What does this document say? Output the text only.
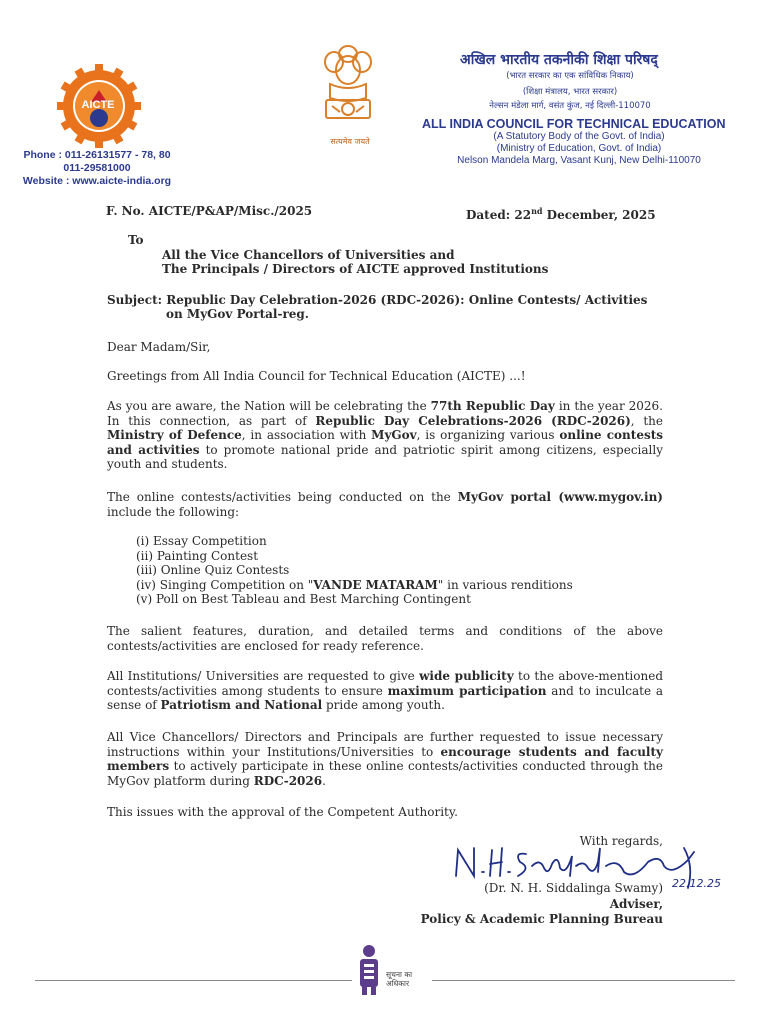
AICTE
Phone : 011-26131577 - 78, 80
011-29581000
Website : www.aicte-india.org
सत्यमेव जयते
अखिल भारतीय तकनीकी शिक्षा परिषद्
(भारत सरकार का एक सांविधिक निकाय)
(शिक्षा मंत्रालय, भारत सरकार)
नेल्सन मंडेला मार्ग, वसंत कुंज, नई दिल्ली-110070
ALL INDIA COUNCIL FOR TECHNICAL EDUCATION
(A Statutory Body of the Govt. of India)
(Ministry of Education, Govt. of India)
Nelson Mandela Marg, Vasant Kunj, New Delhi-110070
F. No. AICTE/P&AP/Misc./2025	Dated: 22nd December, 2025
To
All the Vice Chancellors of Universities and
The Principals / Directors of AICTE approved Institutions
Subject: Republic Day Celebration-2026 (RDC-2026): Online Contests/ Activities
on MyGov Portal-reg.
Dear Madam/Sir,
Greetings from All India Council for Technical Education (AICTE) ...!
As you are aware, the Nation will be celebrating the 77th Republic Day in the year 2026. In this connection, as part of Republic Day Celebrations-2026 (RDC-2026), the Ministry of Defence, in association with MyGov, is organizing various online contests and activities to promote national pride and patriotic spirit among citizens, especially youth and students.
The online contests/activities being conducted on the MyGov portal (www.mygov.in) include the following:
(i) Essay Competition
(ii) Painting Contest
(iii) Online Quiz Contests
(iv) Singing Competition on "VANDE MATARAM" in various renditions
(v) Poll on Best Tableau and Best Marching Contingent
The salient features, duration, and detailed terms and conditions of the above contests/activities are enclosed for ready reference.
All Institutions/ Universities are requested to give wide publicity to the above-mentioned contests/activities among students to ensure maximum participation and to inculcate a sense of Patriotism and National pride among youth.
All Vice Chancellors/ Directors and Principals are further requested to issue necessary instructions within your Institutions/Universities to encourage students and faculty members to actively participate in these online contests/activities conducted through the MyGov platform during RDC-2026.
This issues with the approval of the Competent Authority.
With regards,
(Dr. N. H. Siddalinga Swamy) 22.12.25
Adviser,
Policy & Academic Planning Bureau
सूचना का
अधिकार
